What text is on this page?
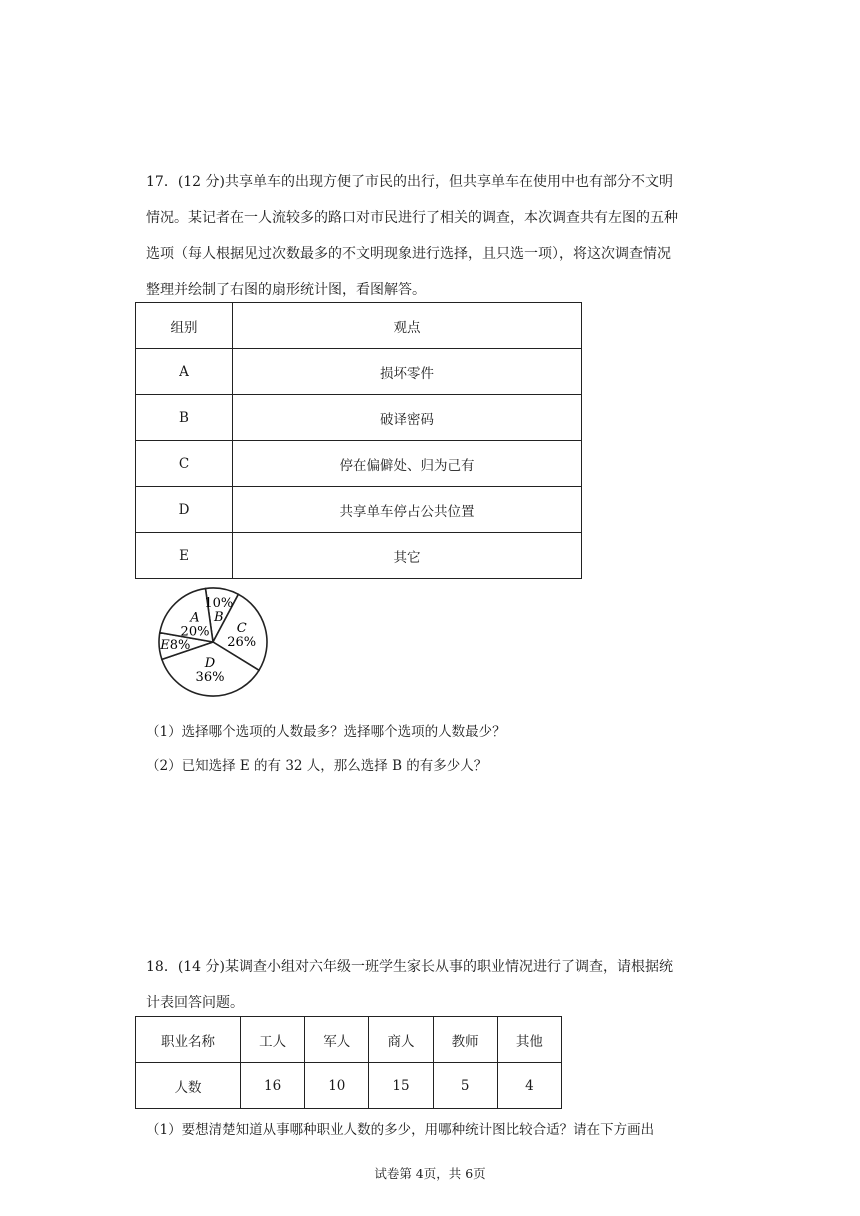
17．(12 分)共享单车的出现方便了市民的出行，但共享单车在使用中也有部分不文明
情况。某记者在一人流较多的路口对市民进行了相关的调查，本次调查共有左图的五种
选项（每人根据见过次数最多的不文明现象进行选择，且只选一项），将这次调查情况
整理并绘制了右图的扇形统计图，看图解答。
组别	观点
A	损坏零件
B	破译密码
C	停在偏僻处、归为己有
D	共享单车停占公共位置
E	其它
10%
B
C
26%
D
36%
E8%
A
20%
（1）选择哪个选项的人数最多？选择哪个选项的人数最少？
（2）已知选择 E 的有 32 人，那么选择 B 的有多少人？
18．(14 分)某调查小组对六年级一班学生家长从事的职业情况进行了调查，请根据统
计表回答问题。
职业名称	工人	军人	商人	教师	其他
人数	16	10	15	5	4
（1）要想清楚知道从事哪种职业人数的多少，用哪种统计图比较合适？请在下方画出
试卷第 4页，共 6页
